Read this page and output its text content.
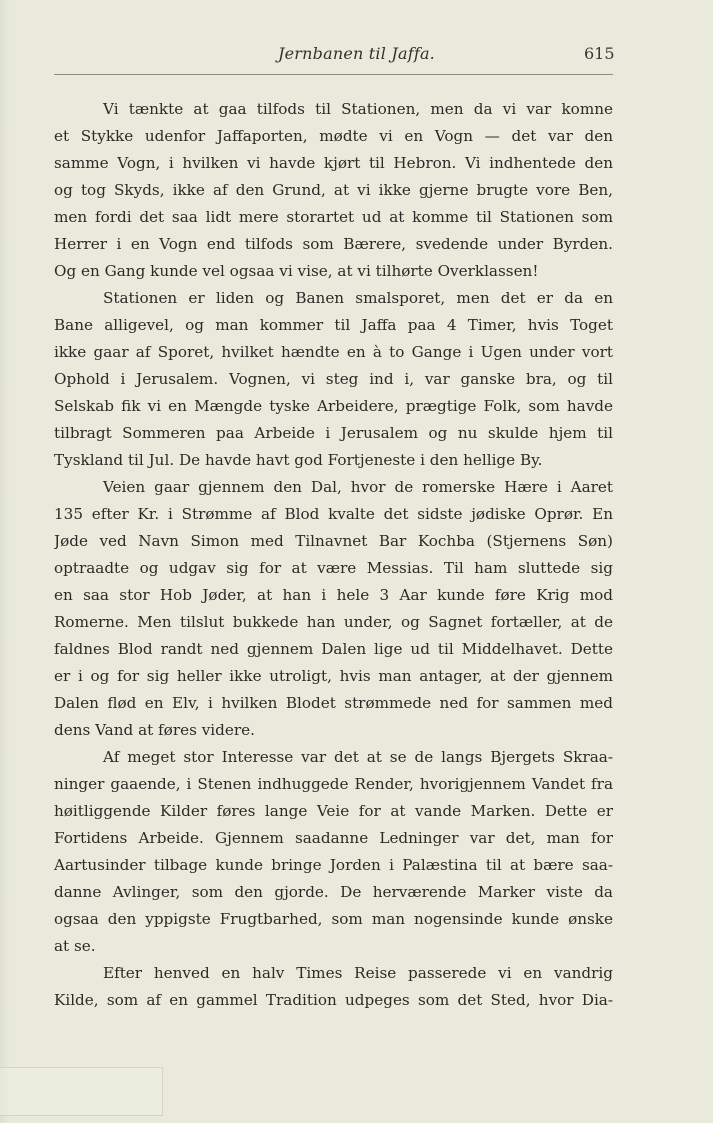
Jernbanen til Jaffa.	615
Vi tænkte at gaa tilfods til Stationen, men da vi var komne
et Stykke udenfor Jaffaporten, mødte vi en Vogn — det var den
samme Vogn, i hvilken vi havde kjørt til Hebron. Vi indhentede den
og tog Skyds, ikke af den Grund, at vi ikke gjerne brugte vore Ben,
men fordi det saa lidt mere storartet ud at komme til Stationen som
Herrer i en Vogn end tilfods som Bærere, svedende under Byrden.
Og en Gang kunde vel ogsaa vi vise, at vi tilhørte Overklassen!
Stationen er liden og Banen smalsporet, men det er da en
Bane alligevel, og man kommer til Jaffa paa 4 Timer, hvis Toget
ikke gaar af Sporet, hvilket hændte en à to Gange i Ugen under vort
Ophold i Jerusalem. Vognen, vi steg ind i, var ganske bra, og til
Selskab fik vi en Mængde tyske Arbeidere, prægtige Folk, som havde
tilbragt Sommeren paa Arbeide i Jerusalem og nu skulde hjem til
Tyskland til Jul. De havde havt god Fortjeneste i den hellige By.
Veien gaar gjennem den Dal, hvor de romerske Hære i Aaret
135 efter Kr. i Strømme af Blod kvalte det sidste jødiske Oprør. En
Jøde ved Navn Simon med Tilnavnet Bar Kochba (Stjernens Søn)
optraadte og udgav sig for at være Messias. Til ham sluttede sig
en saa stor Hob Jøder, at han i hele 3 Aar kunde føre Krig mod
Romerne. Men tilslut bukkede han under, og Sagnet fortæller, at de
faldnes Blod randt ned gjennem Dalen lige ud til Middelhavet. Dette
er i og for sig heller ikke utroligt, hvis man antager, at der gjennem
Dalen flød en Elv, i hvilken Blodet strømmede ned for sammen med
dens Vand at føres videre.
Af meget stor Interesse var det at se de langs Bjergets Skraa-
ninger gaaende, i Stenen indhuggede Render, hvorigjennem Vandet fra
høitliggende Kilder føres lange Veie for at vande Marken. Dette er
Fortidens Arbeide. Gjennem saadanne Ledninger var det, man for
Aartusinder tilbage kunde bringe Jorden i Palæstina til at bære saa-
danne Avlinger, som den gjorde. De herværende Marker viste da
ogsaa den yppigste Frugtbarhed, som man nogensinde kunde ønske
at se.
Efter henved en halv Times Reise passerede vi en vandrig
Kilde, som af en gammel Tradition udpeges som det Sted, hvor Dia-
